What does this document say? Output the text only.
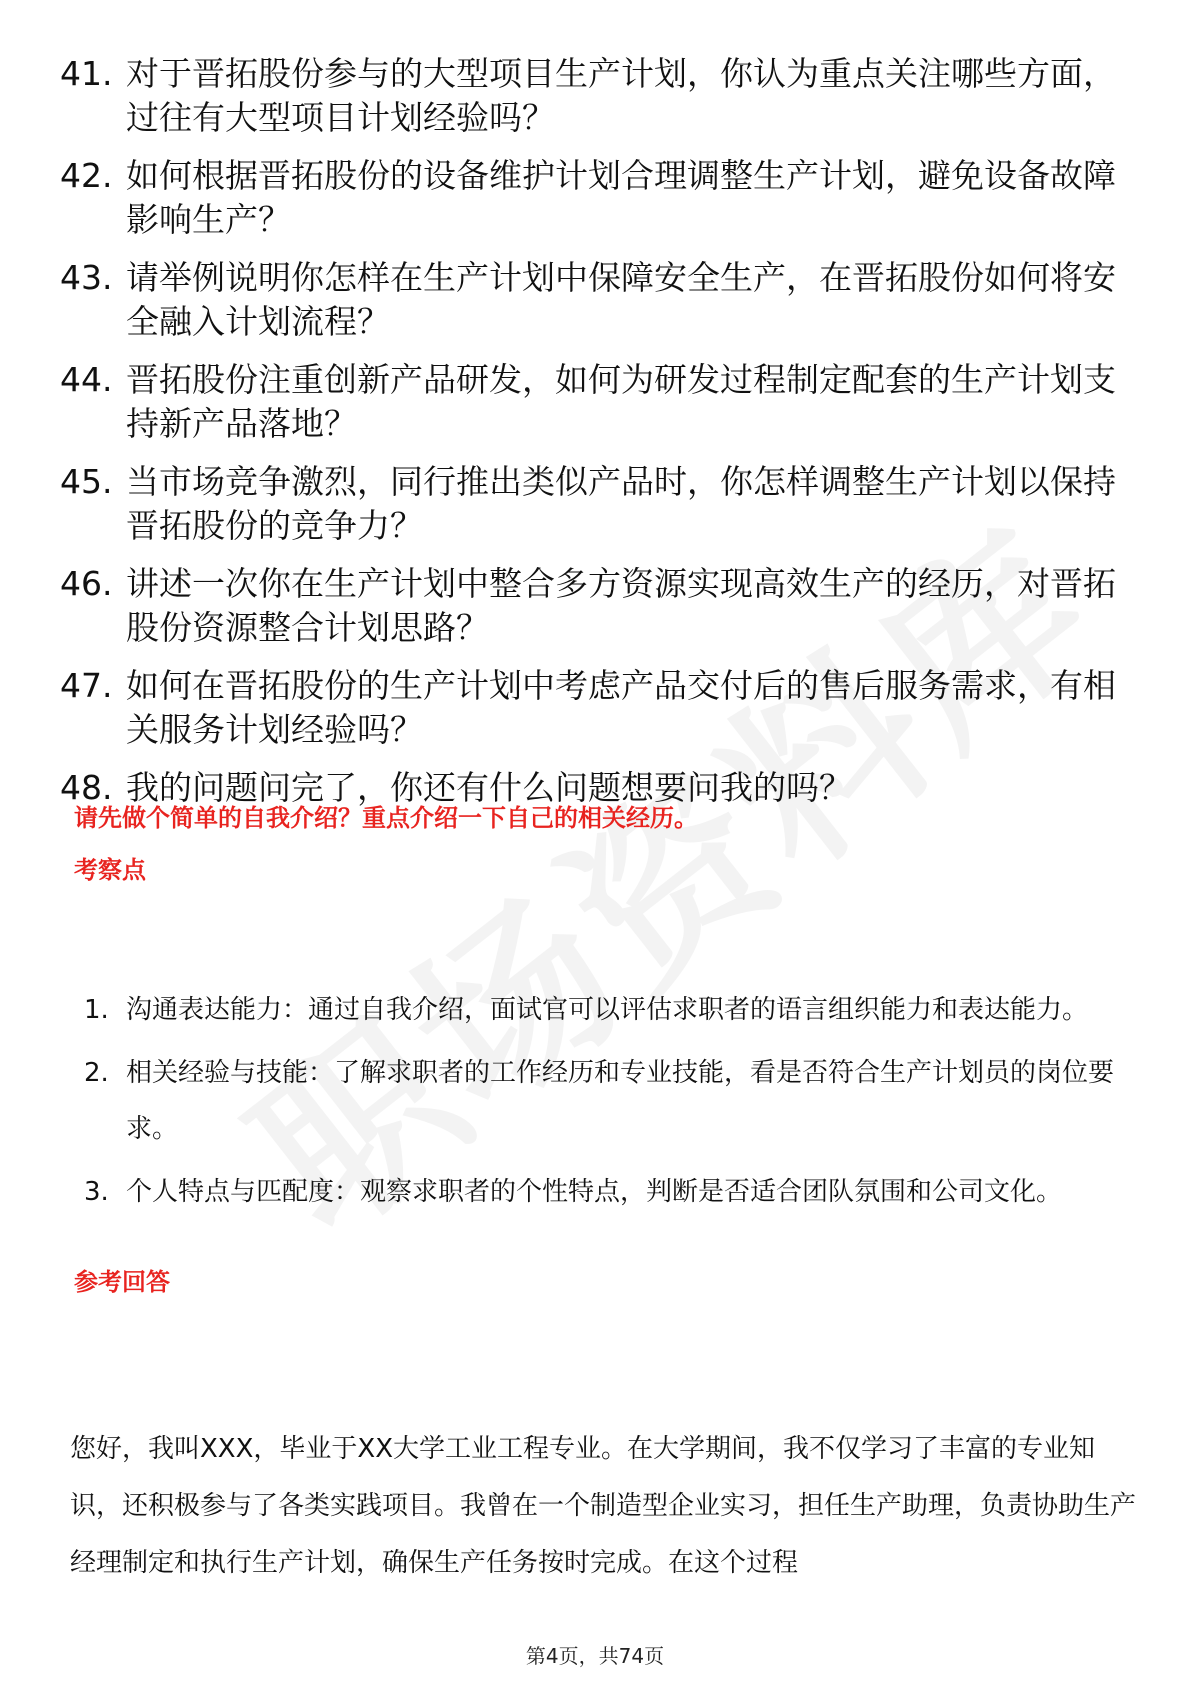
41. 对于晋拓股份参与的大型项目生产计划，你认为重点关注哪些方面，过往有大型项目计划经验吗？
42. 如何根据晋拓股份的设备维护计划合理调整生产计划，避免设备故障影响生产？
43. 请举例说明你怎样在生产计划中保障安全生产，在晋拓股份如何将安全融入计划流程？
44. 晋拓股份注重创新产品研发，如何为研发过程制定配套的生产计划支持新产品落地？
45. 当市场竞争激烈，同行推出类似产品时，你怎样调整生产计划以保持晋拓股份的竞争力？
46. 讲述一次你在生产计划中整合多方资源实现高效生产的经历，对晋拓股份资源整合计划思路？
47. 如何在晋拓股份的生产计划中考虑产品交付后的售后服务需求，有相关服务计划经验吗？
48. 我的问题问完了，你还有什么问题想要问我的吗？
请先做个简单的自我介绍？重点介绍一下自己的相关经历。
考察点
1. 沟通表达能力：通过自我介绍，面试官可以评估求职者的语言组织能力和表达能力。
2. 相关经验与技能：了解求职者的工作经历和专业技能，看是否符合生产计划员的岗位要求。
3. 个人特点与匹配度：观察求职者的个性特点，判断是否适合团队氛围和公司文化。
参考回答

您好，我叫XXX，毕业于XX大学工业工程专业。在大学期间，我不仅学习了丰富的专业知识，还积极参与了各类实践项目。我曾在一个制造型企业实习，担任生产助理，负责协助生产经理制定和执行生产计划，确保生产任务按时完成。在这个过程

第4页，共74页
